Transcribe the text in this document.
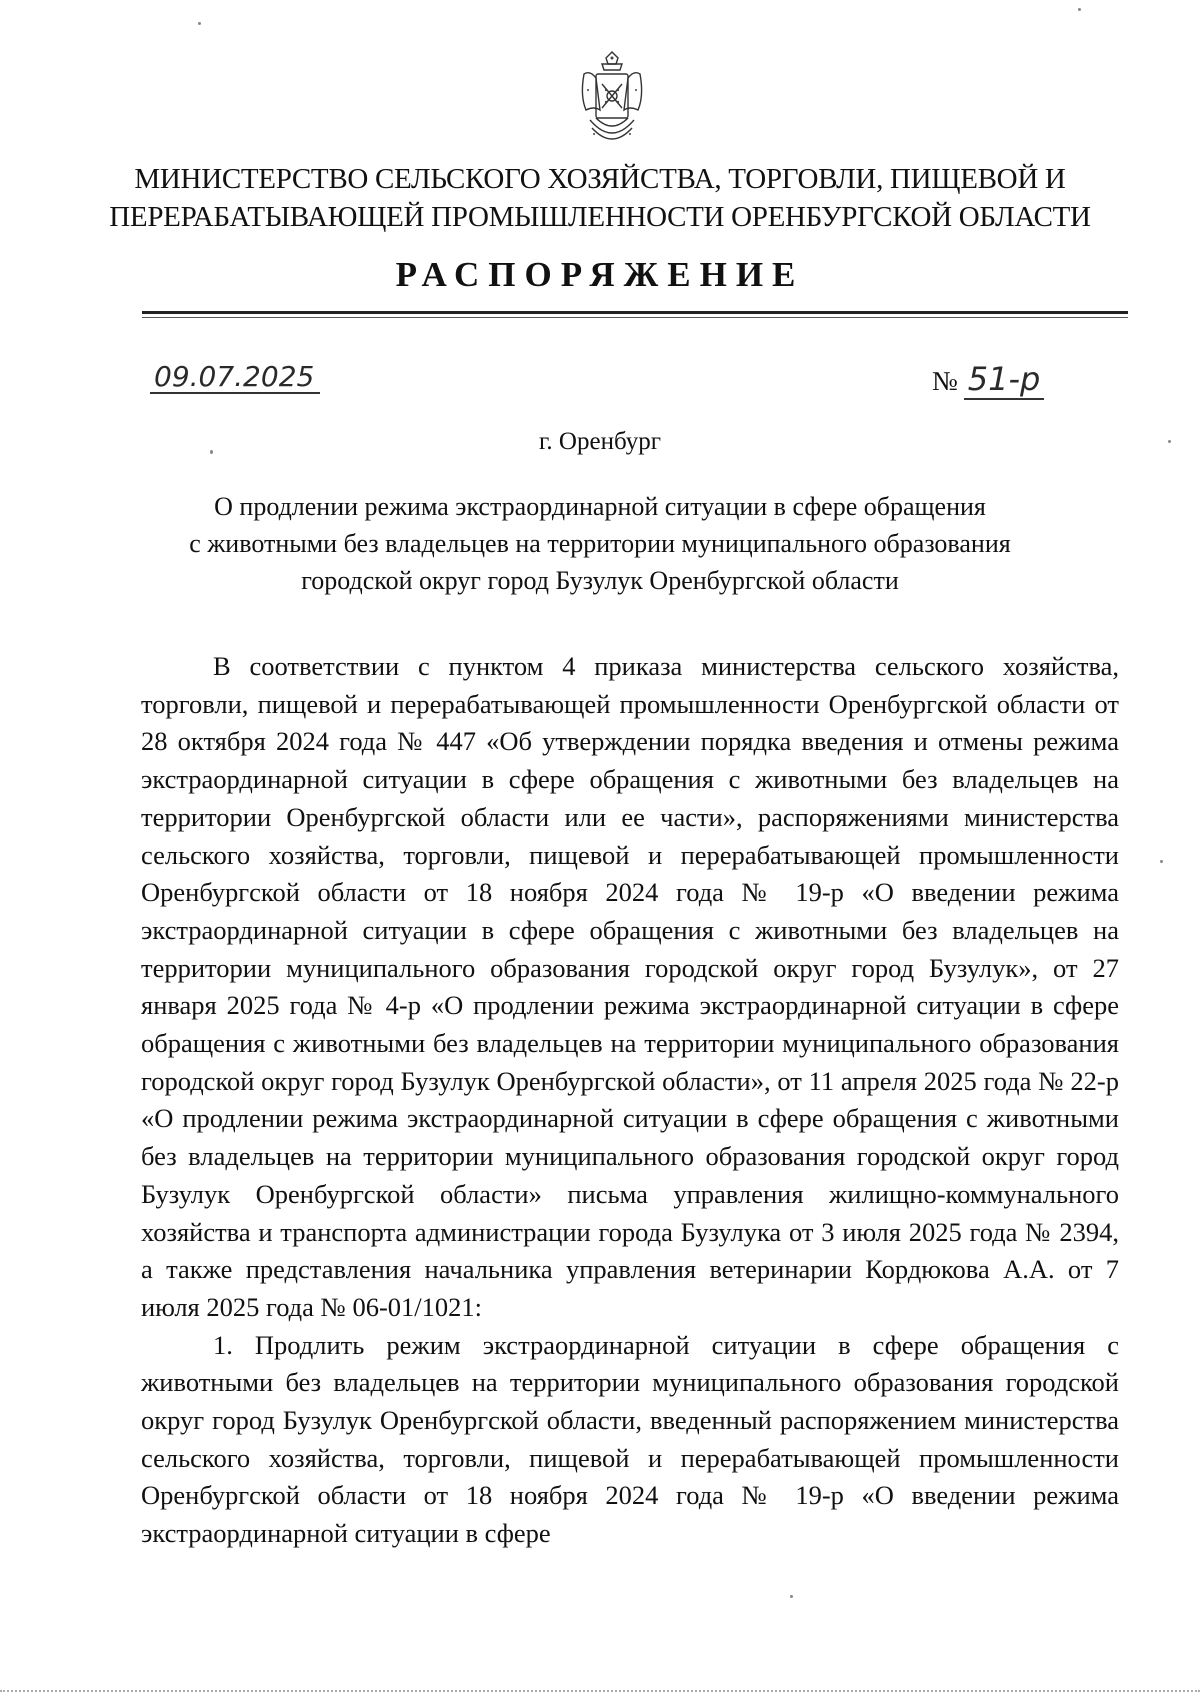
МИНИСТЕРСТВО СЕЛЬСКОГО ХОЗЯЙСТВА, ТОРГОВЛИ, ПИЩЕВОЙ И
ПЕРЕРАБАТЫВАЮЩЕЙ ПРОМЫШЛЕННОСТИ ОРЕНБУРГСКОЙ ОБЛАСТИ
РАСПОРЯЖЕНИЕ
09.07.2025	№ 51-р
г. Оренбург
О продлении режима экстраординарной ситуации в сфере обращения
с животными без владельцев на территории муниципального образования
городской округ город Бузулук Оренбургской области

В соответствии с пунктом 4 приказа министерства сельского хозяйства, торговли, пищевой и перерабатывающей промышленности Оренбургской области от 28 октября 2024 года № 447 «Об утверждении порядка введения и отмены режима экстраординарной ситуации в сфере обращения с животными без владельцев на территории Оренбургской области или ее части», распоряжениями министерства сельского хозяйства, торговли, пищевой и перерабатывающей промышленности Оренбургской области от 18 ноября 2024 года № 19-р «О введении режима экстраординарной ситуации в сфере обращения с животными без владельцев на территории муниципального образования городской округ город Бузулук», от 27 января 2025 года № 4-р «О продлении режима экстраординарной ситуации в сфере обращения с животными без владельцев на территории муниципального образования городской округ город Бузулук Оренбургской области», от 11 апреля 2025 года № 22-р «О продлении режима экстраординарной ситуации в сфере обращения с животными без владельцев на территории муниципального образования городской округ город Бузулук Оренбургской области» письма управления жилищно-коммунального хозяйства и транспорта администрации города Бузулука от 3 июля 2025 года № 2394, а также представления начальника управления ветеринарии Кордюкова А.А. от 7 июля 2025 года № 06-01/1021:

1. Продлить режим экстраординарной ситуации в сфере обращения с животными без владельцев на территории муниципального образования городской округ город Бузулук Оренбургской области, введенный распоряжением министерства сельского хозяйства, торговли, пищевой и перерабатывающей промышленности Оренбургской области от 18 ноября 2024 года № 19-р «О введении режима экстраординарной ситуации в сфере
